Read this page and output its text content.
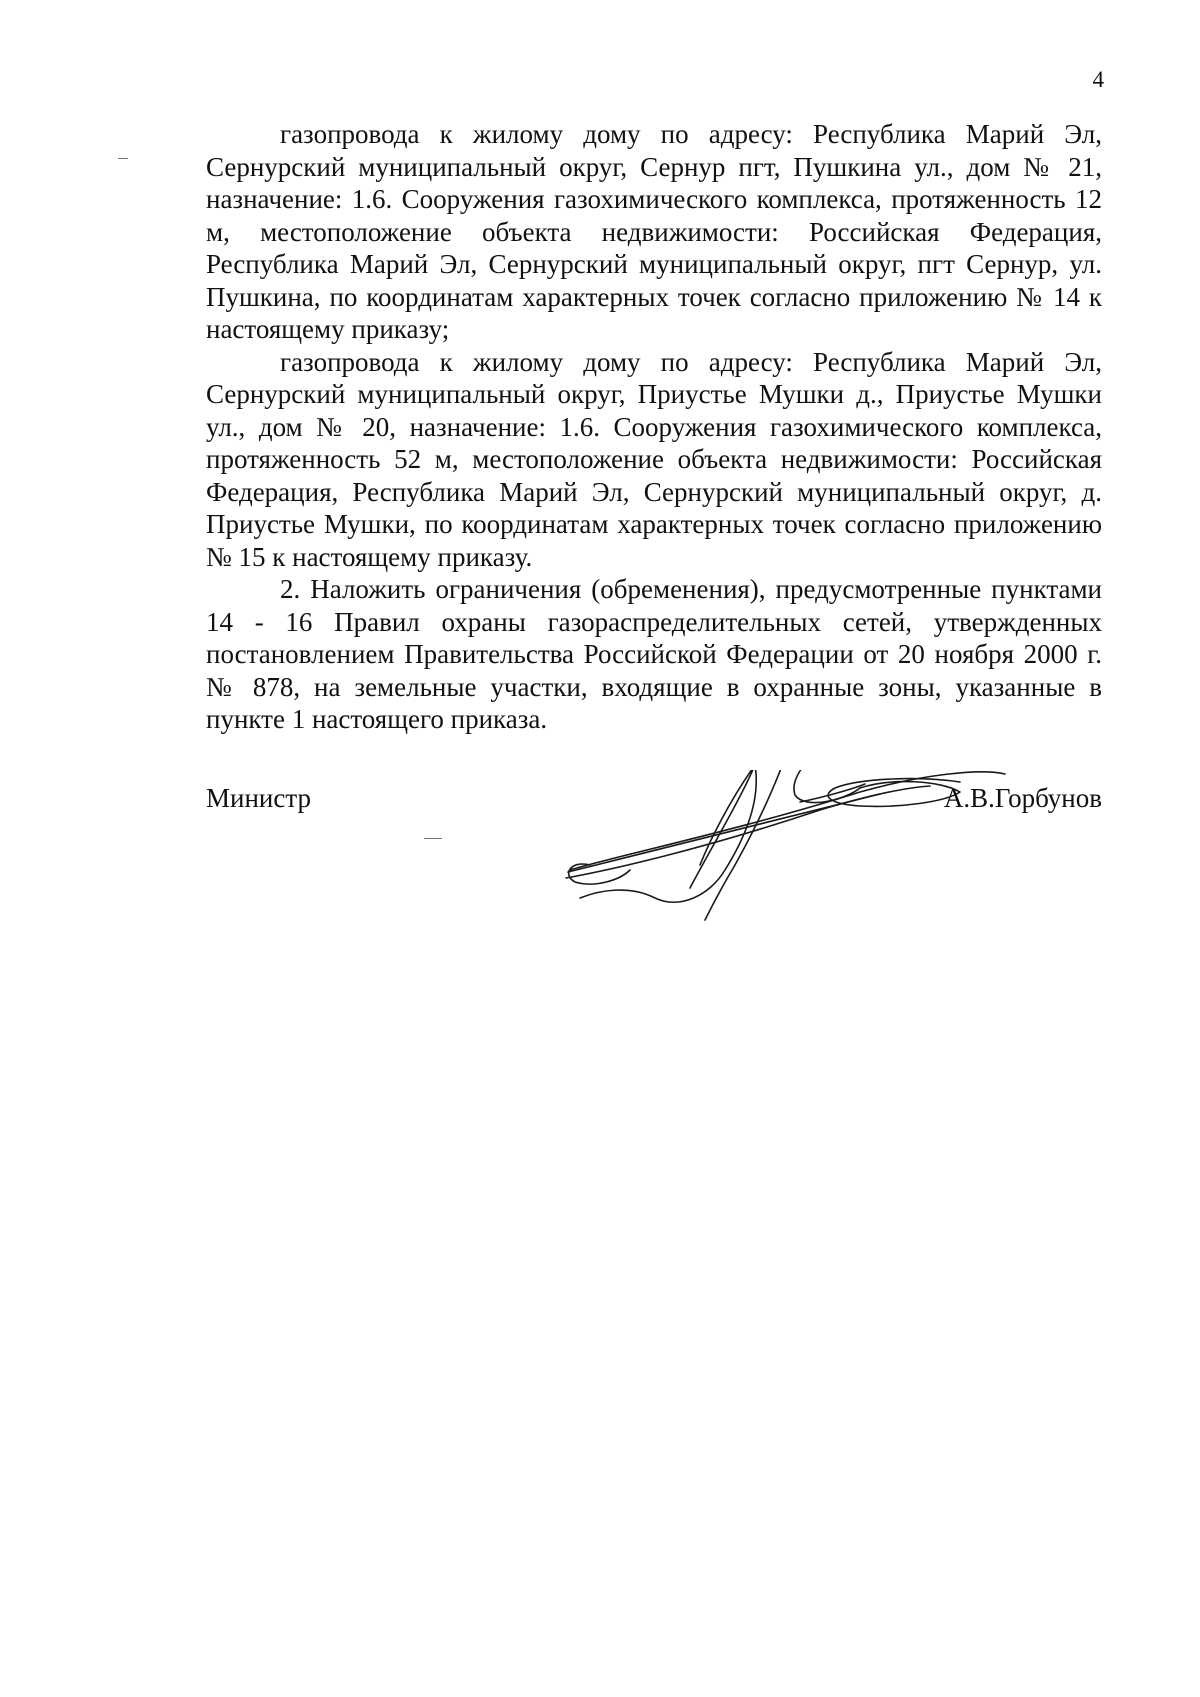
4

газопровода к жилому дому по адресу: Республика Марий Эл, Сернурский муниципальный округ, Сернур пгт, Пушкина ул., дом № 21, назначение: 1.6. Сооружения газохимического комплекса, протяженность 12 м, местоположение объекта недвижимости: Российская Федерация, Республика Марий Эл, Сернурский муниципальный округ, пгт Сернур, ул. Пушкина, по координатам характерных точек согласно приложению № 14 к настоящему приказу;

газопровода к жилому дому по адресу: Республика Марий Эл, Сернурский муниципальный округ, Приустье Мушки д., Приустье Мушки ул., дом № 20, назначение: 1.6. Сооружения газохимического комплекса, протяженность 52 м, местоположение объекта недвижимости: Российская Федерация, Республика Марий Эл, Сернурский муниципальный округ, д. Приустье Мушки, по координатам характерных точек согласно приложению № 15 к настоящему приказу.

2. Наложить ограничения (обременения), предусмотренные пунктами 14 - 16 Правил охраны газораспределительных сетей, утвержденных постановлением Правительства Российской Федерации от 20 ноября 2000 г. № 878, на земельные участки, входящие в охранные зоны, указанные в пункте 1 настоящего приказа.

Министр	А.В.Горбунов
